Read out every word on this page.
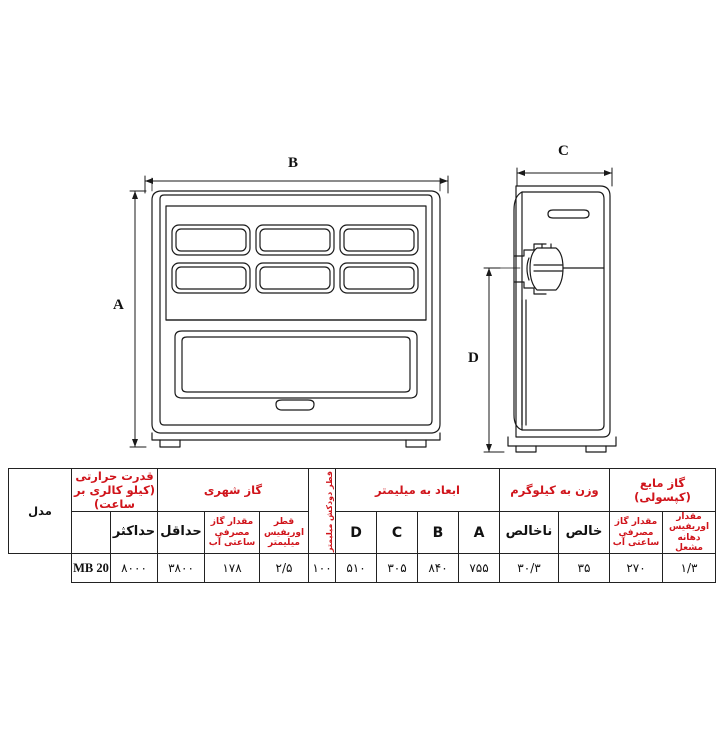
A
B
C
D
گاز مایع (کپسولی)		وزن به کیلوگرم		ابعاد به میلیمتر				قطر دودکش میلیمتر	گاز شهری			قدرت حرارتی (کیلو کالری بر ساعت)		مدل
مقدار اوریفیس دهانه مشعل	مقدار گاز مصرفی ساعتی آب	خالص	ناخالص	A	B	C	D		قطر اوریفیس میلیمتر	مقدار گاز مصرفی ساعتی آب	حداقل	حداکثر		
۱/۳	۲۷۰	۳۵	۳۰/۳	۷۵۵	۸۴۰	۳۰۵	۵۱۰	۱۰۰	۲/۵	۱۷۸	۳۸۰۰	۸۰۰۰	MB 20	
